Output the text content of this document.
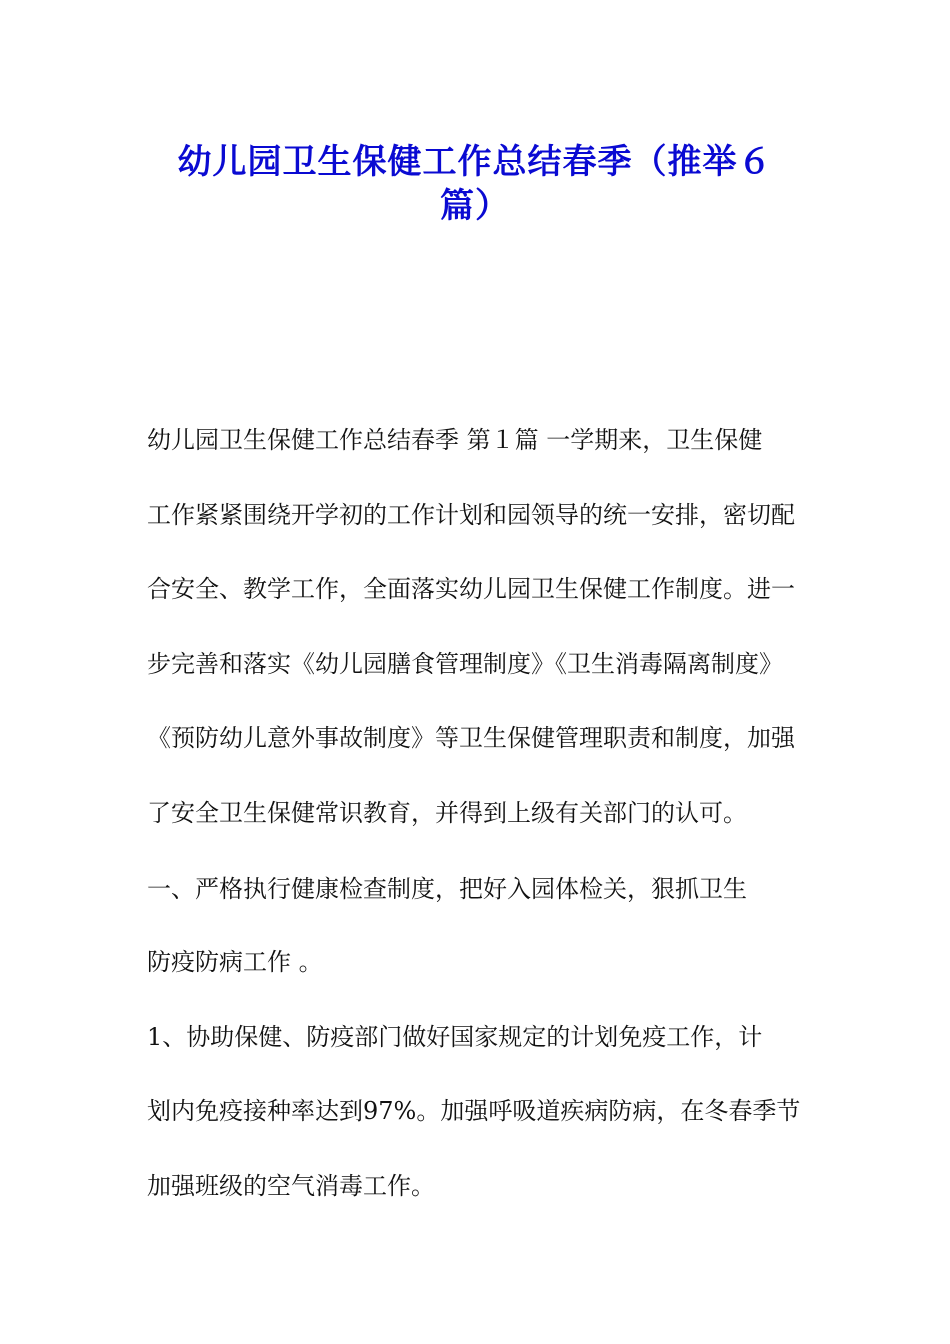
幼儿园卫生保健工作总结春季（推举６
篇）
幼儿园卫生保健工作总结春季 第１篇 一学期来，卫生保健
工作紧紧围绕开学初的工作计划和园领导的统一安排，密切配
合安全、教学工作，全面落实幼儿园卫生保健工作制度。进一
步完善和落实《幼儿园膳食管理制度》《卫生消毒隔离制度》
《预防幼儿意外事故制度》等卫生保健管理职责和制度，加强
了安全卫生保健常识教育，并得到上级有关部门的认可。
一、严格执行健康检查制度，把好入园体检关，狠抓卫生
防疫防病工作 。
1、协助保健、防疫部门做好国家规定的计划免疫工作，计
划内免疫接种率达到97%。加强呼吸道疾病防病，在冬春季节
加强班级的空气消毒工作。
